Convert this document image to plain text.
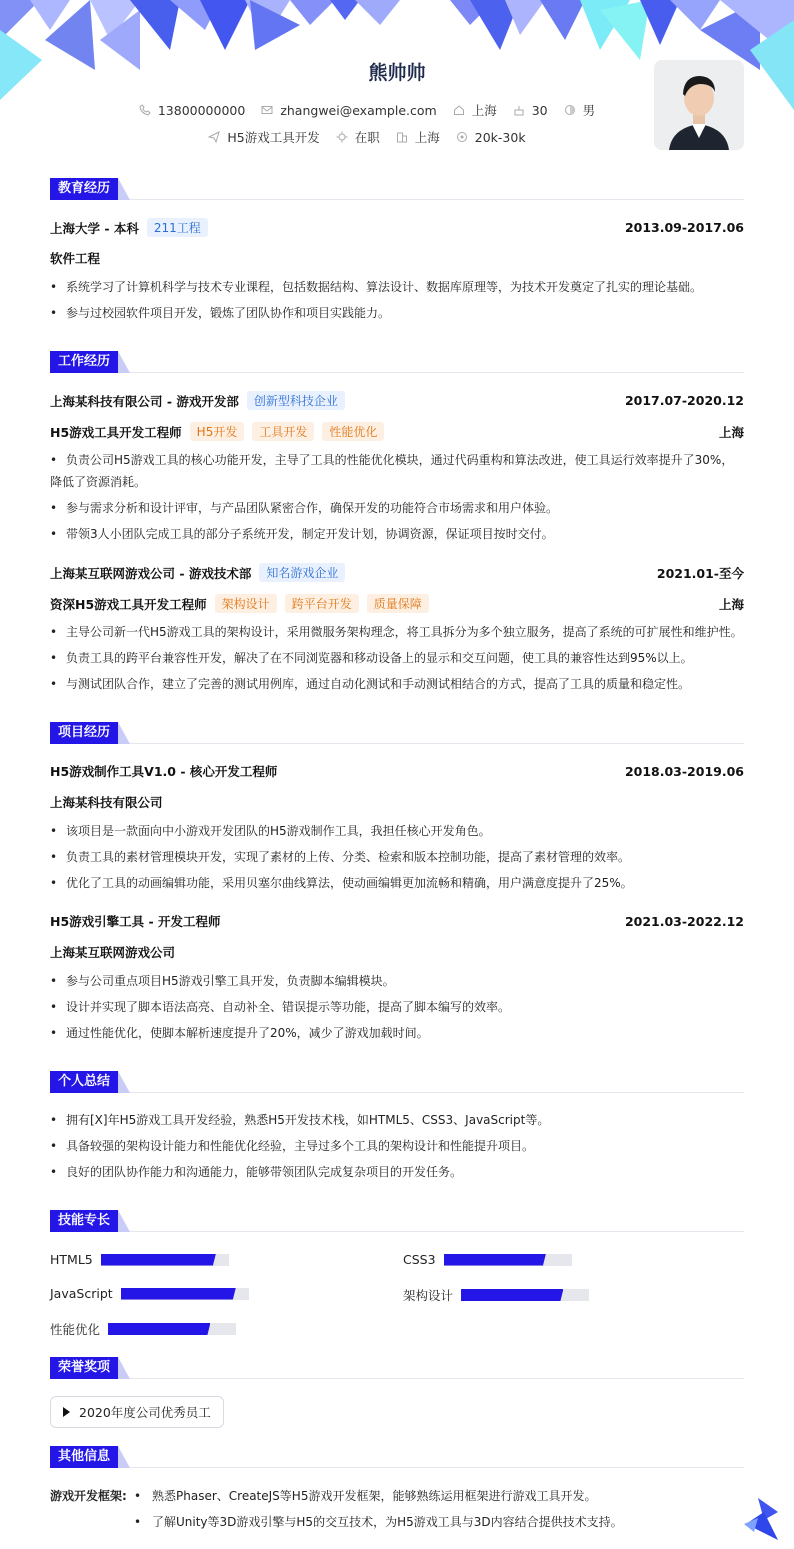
熊帅帅
13800000000	zhangwei@example.com	上海	30	男
H5游戏工具开发	在职	上海	20k-30k
教育经历
上海大学 - 本科	211工程	2013.09-2017.06
软件工程
• 系统学习了计算机科学与技术专业课程，包括数据结构、算法设计、数据库原理等，为技术开发奠定了扎实的理论基础。
• 参与过校园软件项目开发，锻炼了团队协作和项目实践能力。
工作经历
上海某科技有限公司 - 游戏开发部	创新型科技企业	2017.07-2020.12
H5游戏工具开发工程师	H5开发	工具开发	性能优化	上海
• 负责公司H5游戏工具的核心功能开发，主导了工具的性能优化模块，通过代码重构和算法改进，使工具运行效率提升了30%，
降低了资源消耗。
• 参与需求分析和设计评审，与产品团队紧密合作，确保开发的功能符合市场需求和用户体验。
• 带领3人小团队完成工具的部分子系统开发，制定开发计划，协调资源，保证项目按时交付。
上海某互联网游戏公司 - 游戏技术部	知名游戏企业	2021.01-至今
资深H5游戏工具开发工程师	架构设计	跨平台开发	质量保障	上海
• 主导公司新一代H5游戏工具的架构设计，采用微服务架构理念，将工具拆分为多个独立服务，提高了系统的可扩展性和维护性。
• 负责工具的跨平台兼容性开发，解决了在不同浏览器和移动设备上的显示和交互问题，使工具的兼容性达到95%以上。
• 与测试团队合作，建立了完善的测试用例库，通过自动化测试和手动测试相结合的方式，提高了工具的质量和稳定性。
项目经历
H5游戏制作工具V1.0 - 核心开发工程师	2018.03-2019.06
上海某科技有限公司
• 该项目是一款面向中小游戏开发团队的H5游戏制作工具，我担任核心开发角色。
• 负责工具的素材管理模块开发，实现了素材的上传、分类、检索和版本控制功能，提高了素材管理的效率。
• 优化了工具的动画编辑功能，采用贝塞尔曲线算法，使动画编辑更加流畅和精确，用户满意度提升了25%。
H5游戏引擎工具 - 开发工程师	2021.03-2022.12
上海某互联网游戏公司
• 参与公司重点项目H5游戏引擎工具开发，负责脚本编辑模块。
• 设计并实现了脚本语法高亮、自动补全、错误提示等功能，提高了脚本编写的效率。
• 通过性能优化，使脚本解析速度提升了20%，减少了游戏加载时间。
个人总结
• 拥有[X]年H5游戏工具开发经验，熟悉H5开发技术栈，如HTML5、CSS3、JavaScript等。
• 具备较强的架构设计能力和性能优化经验，主导过多个工具的架构设计和性能提升项目。
• 良好的团队协作能力和沟通能力，能够带领团队完成复杂项目的开发任务。
技能专长
HTML5	CSS3
JavaScript	架构设计
性能优化
荣誉奖项
2020年度公司优秀员工
其他信息
游戏开发框架:
•	熟悉Phaser、CreateJS等H5游戏开发框架，能够熟练运用框架进行游戏工具开发。
• 了解Unity等3D游戏引擎与H5的交互技术，为H5游戏工具与3D内容结合提供技术支持。
